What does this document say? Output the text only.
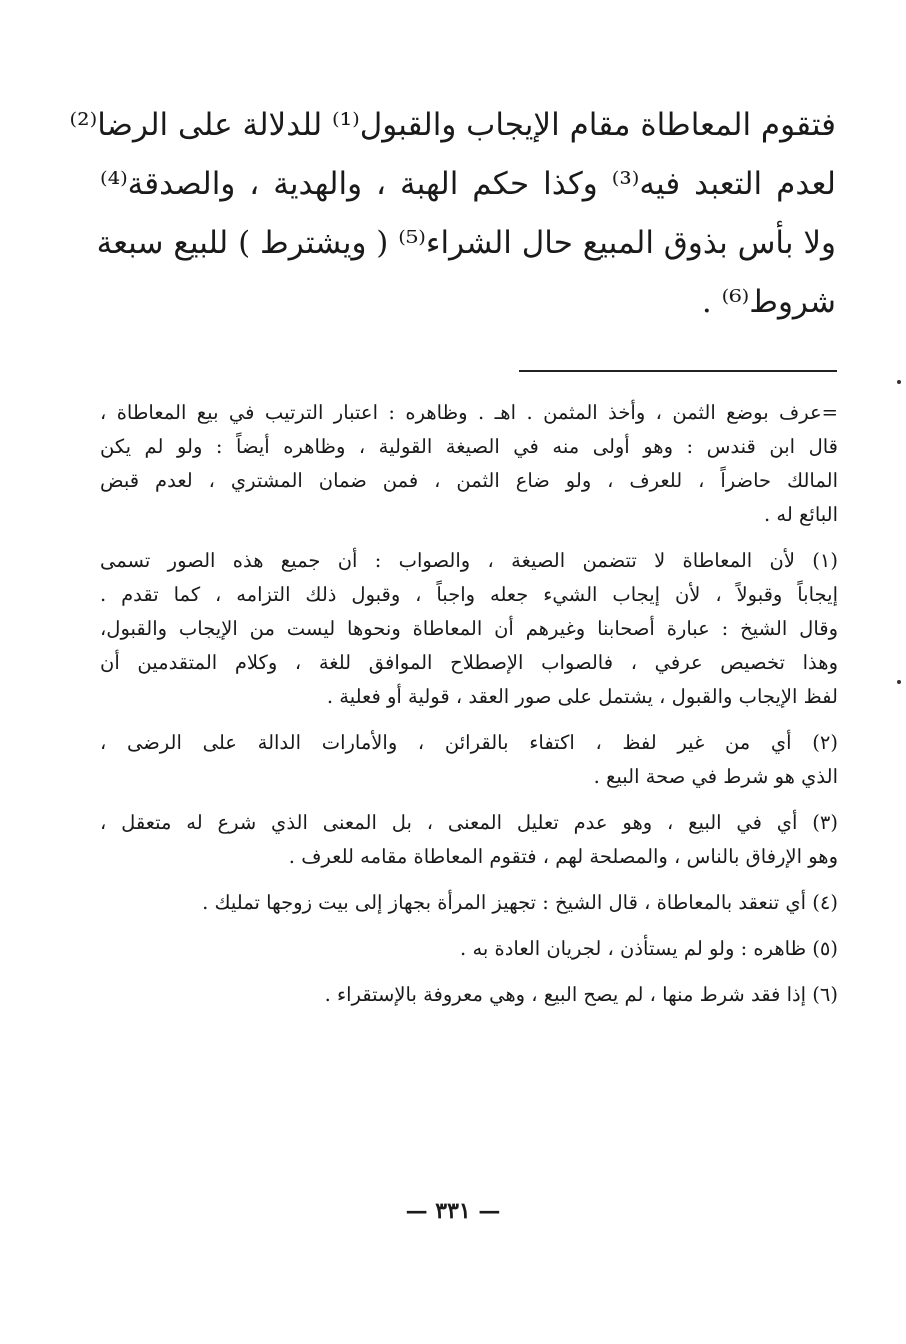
فتقوم المعاطاة مقام الإيجاب والقبول⁽¹⁾ للدلالة على الرضا⁽²⁾
لعدم التعبد فيه⁽³⁾ وكذا حكم الهبة ، والهدية ، والصدقة⁽⁴⁾
ولا بأس بذوق المبيع حال الشراء⁽⁵⁾ ( ويشترط ) للبيع سبعة
شروط⁽⁶⁾ .
=عرف بوضع الثمن ، وأخذ المثمن . اهـ . وظاهره : اعتبار الترتيب في بيع المعاطاة ،
قال ابن قندس : وهو أولى منه في الصيغة القولية ، وظاهره أيضاً : ولو لم يكن
المالك حاضراً ، للعرف ، ولو ضاع الثمن ، فمن ضمان المشتري ، لعدم قبض
البائع له .
(١) لأن المعاطاة لا تتضمن الصيغة ، والصواب : أن جميع هذه الصور تسمى
إيجاباً وقبولاً ، لأن إيجاب الشيء جعله واجباً ، وقبول ذلك التزامه ، كما تقدم .
وقال الشيخ : عبارة أصحابنا وغيرهم أن المعاطاة ونحوها ليست من الإيجاب والقبول،
وهذا تخصيص عرفي ، فالصواب الإصطلاح الموافق للغة ، وكلام المتقدمين أن
لفظ الإيجاب والقبول ، يشتمل على صور العقد ، قولية أو فعلية .
(٢) أي من غير لفظ ، اكتفاء بالقرائن ، والأمارات الدالة على الرضى ،
الذي هو شرط في صحة البيع .
(٣) أي في البيع ، وهو عدم تعليل المعنى ، بل المعنى الذي شرع له متعقل ،
وهو الإرفاق بالناس ، والمصلحة لهم ، فتقوم المعاطاة مقامه للعرف .
(٤) أي تنعقد بالمعاطاة ، قال الشيخ : تجهيز المرأة بجهاز إلى بيت زوجها تمليك .
(٥) ظاهره : ولو لم يستأذن ، لجريان العادة به .
(٦) إذا فقد شرط منها ، لم يصح البيع ، وهي معروفة بالإستقراء .
— ٣٣١ —
